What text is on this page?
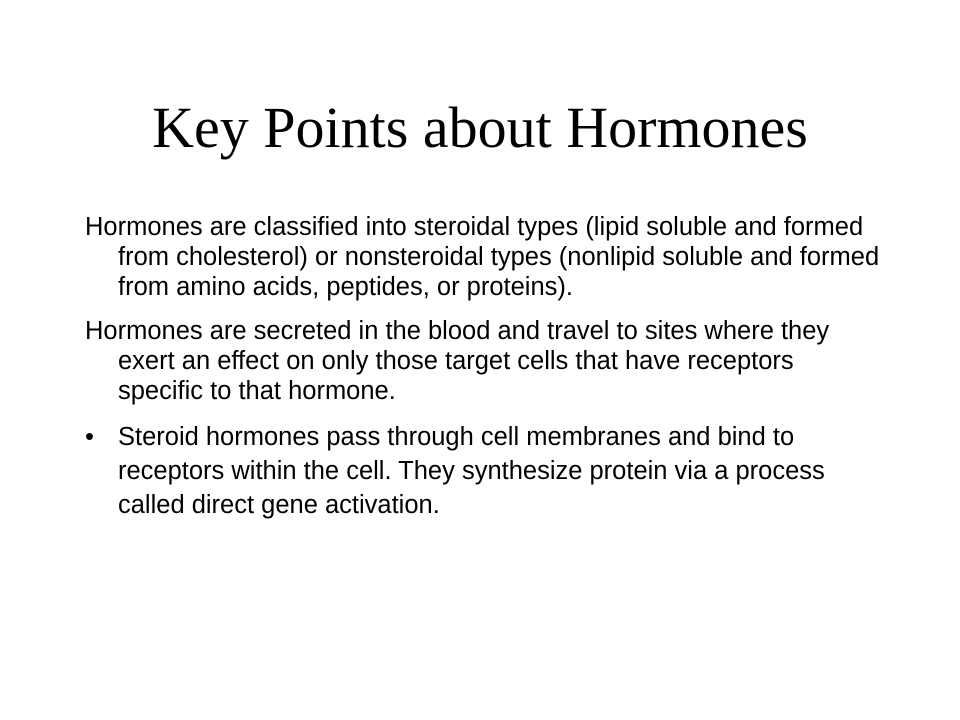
Key Points about Hormones

Hormones are classified into steroidal types (lipid soluble and formed from cholesterol) or nonsteroidal types (nonlipid soluble and formed from amino acids, peptides, or proteins).

Hormones are secreted in the blood and travel to sites where they exert an effect on only those target cells that have receptors specific to that hormone.

• Steroid hormones pass through cell membranes and bind to receptors within the cell. They synthesize protein via a process called direct gene activation.
